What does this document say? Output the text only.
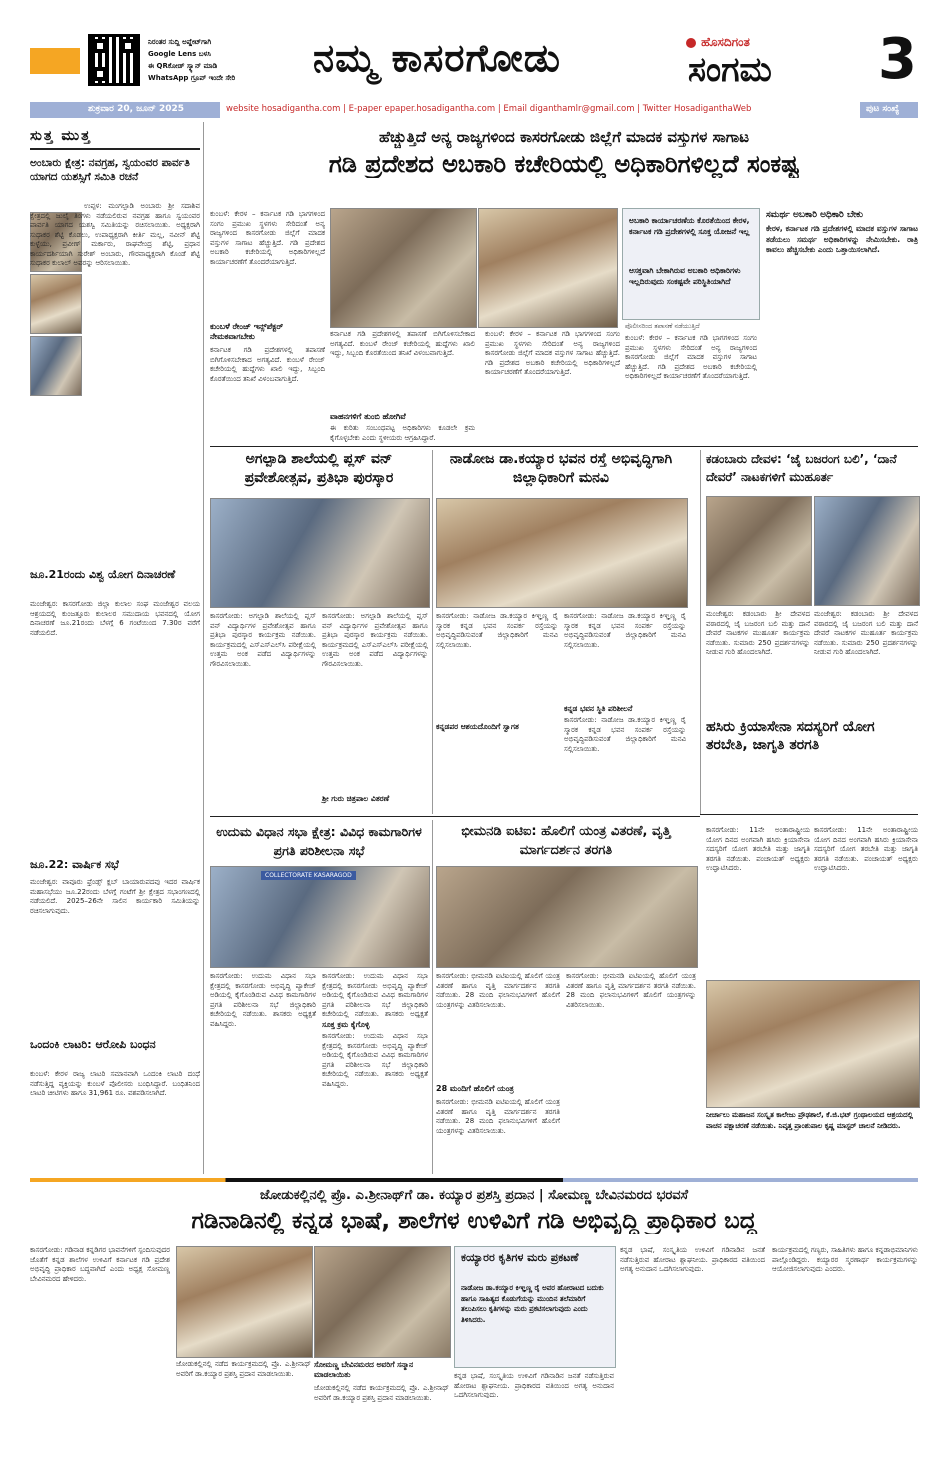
ನಿರಂತರ ಸುದ್ದಿ ಅಪ್ಡೇಟ್‌ಗಾಗಿ
Google Lens ಬಳಸಿ
ಈ QRಕೋಡ್ ಸ್ಕ್ಯಾನ್ ಮಾಡಿ
WhatsApp ಗ್ರೂಪ್ ಇಂದೇ ಸೇರಿ	ನಮ್ಮ ಕಾಸರಗೋಡು	ಹೊಸದಿಗಂತ
ಸಂಗಮ 3
ಶುಕ್ರವಾರ 20, ಜೂನ್ 2025	website hosadigantha.com | E-paper epaper.hosadigantha.com | Email diganthamlr@gmail.com | Twitter HosadiganthaWeb	ಪುಟ ಸಂಖ್ಯೆ
ಸುತ್ತ ಮುತ್ತ
ಅಂಬಾರು ಕ್ಷೇತ್ರ: ನವಗ್ರಹ, ಸ್ವಯಂವರ ಪಾರ್ವತಿ ಯಾಗದ ಯಶಸ್ಸಿಗೆ ಸಮಿತಿ ರಚನೆ
ಉಪ್ಪಳ: ಮಂಗಲ್ಪಾಡಿ ಅಂಬಾರು ಶ್ರೀ ಸದಾಶಿವ ಕ್ಷೇತ್ರದಲ್ಲಿ ಜುಲೈ ತಿಂಗಳು ನಡೆಯಲಿರುವ ನವಗ್ರಹ ಹಾಗೂ ಸ್ವಯಂವರ ಪಾರ್ವತಿ ಯಾಗದ ಯಶಸ್ವಿ ಸಮಿತಿಯನ್ನು ರಚಿಸಲಾಯಿತು. ಅಧ್ಯಕ್ಷರಾಗಿ ಸುಧಾಕರ ಶೆಟ್ಟಿ ಕೊಡಲು, ಉಪಾಧ್ಯಕ್ಷರಾಗಿ ಕೀರ್ತಿ ಮಲ್ಲ, ನವೀನ್ ಶೆಟ್ಟಿ ಕುಳ್ಳೆಯು, ಪ್ರವೀಣ್ ಮರ್ಕಾರು, ರಾಘವೇಂದ್ರ ಶೆಟ್ಟಿ, ಪ್ರಧಾನ ಕಾರ್ಯದರ್ಶಿಯಾಗಿ ಸುರೇಶ್ ಅಂಬಾರು, ಗೌರವಾಧ್ಯಕ್ಷರಾಗಿ ಕೊಂಡೆ ಶೆಟ್ಟಿ ಸುಧಾಕರ ಕುಲಾಲ್ ಅವರನ್ನು ಆರಿಸಲಾಯಿತು.
ಜೂ.21ರಂದು ವಿಶ್ವ ಯೋಗ ದಿನಾಚರಣೆ
ಮಂಜೇಶ್ವರ: ಕಾಸರಗೋಡು ಜಿಲ್ಲಾ ಕುಲಾಲ ಸಂಘ ಮಂಜೇಶ್ವರ ವಲಯ ಆಶ್ರಯದಲ್ಲಿ ಕುಂಜತ್ತೂರು ಕುಲಾಲರ ಸಮುದಾಯ ಭವನದಲ್ಲಿ ಯೋಗ ದಿನಾಚರಣೆ ಜೂ.21ರಂದು ಬೆಳಗ್ಗೆ 6 ಗಂಟೆಯಿಂದ 7.30ರ ವರೆಗೆ ನಡೆಯಲಿದೆ.
ಜೂ.22: ವಾರ್ಷಿಕ ಸಭೆ
ಮಂಜೇಶ್ವರ: ವಾವೂರು ಫ್ರೆಂಡ್ಸ್ ಕ್ಲಬ್ ಬಾಯಾರುಪದವು ಇದರ ವಾರ್ಷಿಕ ಮಹಾಸಭೆಯು ಜೂ.22ರಂದು ಬೆಳಗ್ಗೆ ಗಂಟೆಗೆ ಶ್ರೀ ಕ್ಷೇತ್ರದ ಸಭಾಂಗಣದಲ್ಲಿ ನಡೆಯಲಿದೆ. 2025–26ನೇ ಸಾಲಿನ ಕಾರ್ಯಕಾರಿ ಸಮಿತಿಯನ್ನು ರಚಿಸಲಾಗುವುದು.
ಒಂದಂಕಿ ಲಾಟರಿ: ಆರೋಪಿ ಬಂಧನ
ಕುಂಬಳೆ: ಕೇರಳ ರಾಜ್ಯ ಲಾಟರಿ ಸಮಾನವಾಗಿ ಒಂದಂಕಿ ಲಾಟರಿ ದಂಧೆ ನಡೆಸುತ್ತಿದ್ದ ವ್ಯಕ್ತಿಯನ್ನು ಕುಂಬಳೆ ಪೊಲೀಸರು ಬಂಧಿಸಿದ್ದಾರೆ. ಬಂಧಿತನಿಂದ ಲಾಟರಿ ಚೀಟಿಗಳು ಹಾಗೂ 31,961 ರೂ. ವಶಪಡಿಸಲಾಗಿದೆ.
ಹೆಚ್ಚುತ್ತಿದೆ ಅನ್ಯ ರಾಜ್ಯಗಳಿಂದ ಕಾಸರಗೋಡು ಜಿಲ್ಲೆಗೆ ಮಾದಕ ವಸ್ತುಗಳ ಸಾಗಾಟ
ಗಡಿ ಪ್ರದೇಶದ ಅಬಕಾರಿ ಕಚೇರಿಯಲ್ಲಿ ಅಧಿಕಾರಿಗಳಿಲ್ಲದೆ ಸಂಕಷ್ಟ
ಕುಂಬಳೆ: ಕೇರಳ – ಕರ್ನಾಟಕ ಗಡಿ ಭಾಗಗಳಿಂದ ಸಂಗಂ ಪ್ರಮುಖ ಸ್ಥಳಗಳು ಸೇರಿದಂತೆ ಅನ್ಯ ರಾಜ್ಯಗಳಿಂದ ಕಾಸರಗೋಡು ಜಿಲ್ಲೆಗೆ ಮಾದಕ ವಸ್ತುಗಳ ಸಾಗಾಟ ಹೆಚ್ಚುತ್ತಿದೆ. ಗಡಿ ಪ್ರದೇಶದ ಅಬಕಾರಿ ಕಚೇರಿಯಲ್ಲಿ ಅಧಿಕಾರಿಗಳಿಲ್ಲದೆ ಕಾರ್ಯಾಚರಣೆಗೆ ತೊಂದರೆಯಾಗುತ್ತಿದೆ.
ಕುಂಬಳೆ ರೇಂಜ್ ಇನ್ಸ್‌ಪೆಕ್ಟರ್ ನೇಮಕವಾಗಬೇಕು
ಕರ್ನಾಟಕ ಗಡಿ ಪ್ರದೇಶಗಳಲ್ಲಿ ತಪಾಸಣೆ ಬಿಗಿಗೊಳಿಸಬೇಕಾದ ಅಗತ್ಯವಿದೆ. ಕುಂಬಳೆ ರೇಂಜ್ ಕಚೇರಿಯಲ್ಲಿ ಹುದ್ದೆಗಳು ಖಾಲಿ ಇದ್ದು, ಸಿಬ್ಬಂದಿ ಕೊರತೆಯಿಂದ ತನಿಖೆ ವಿಳಂಬವಾಗುತ್ತಿದೆ.
ಕರ್ನಾಟಕ ಗಡಿ ಪ್ರದೇಶಗಳಲ್ಲಿ ತಪಾಸಣೆ ಬಿಗಿಗೊಳಿಸಬೇಕಾದ ಅಗತ್ಯವಿದೆ. ಕುಂಬಳೆ ರೇಂಜ್ ಕಚೇರಿಯಲ್ಲಿ ಹುದ್ದೆಗಳು ಖಾಲಿ ಇದ್ದು, ಸಿಬ್ಬಂದಿ ಕೊರತೆಯಿಂದ ತನಿಖೆ ವಿಳಂಬವಾಗುತ್ತಿದೆ.
ವಾಹನಗಳಿಗೆ ತುಂಬಿ ಹೋಗಿವೆ
ಈ ಕುರಿತು ಸಂಬಂಧಪಟ್ಟ ಅಧಿಕಾರಿಗಳು ಕೂಡಲೇ ಕ್ರಮ ಕೈಗೊಳ್ಳಬೇಕು ಎಂದು ಸ್ಥಳೀಯರು ಆಗ್ರಹಿಸಿದ್ದಾರೆ.
ಕುಂಬಳೆ: ಕೇರಳ – ಕರ್ನಾಟಕ ಗಡಿ ಭಾಗಗಳಿಂದ ಸಂಗಂ ಪ್ರಮುಖ ಸ್ಥಳಗಳು ಸೇರಿದಂತೆ ಅನ್ಯ ರಾಜ್ಯಗಳಿಂದ ಕಾಸರಗೋಡು ಜಿಲ್ಲೆಗೆ ಮಾದಕ ವಸ್ತುಗಳ ಸಾಗಾಟ ಹೆಚ್ಚುತ್ತಿದೆ. ಗಡಿ ಪ್ರದೇಶದ ಅಬಕಾರಿ ಕಚೇರಿಯಲ್ಲಿ ಅಧಿಕಾರಿಗಳಿಲ್ಲದೆ ಕಾರ್ಯಾಚರಣೆಗೆ ತೊಂದರೆಯಾಗುತ್ತಿದೆ.
ಅಬಕಾರಿ ಕಾರ್ಯಾಚರಣೆಯ ಕೊರತೆಯಿಂದ ಕೇರಳ, ಕರ್ನಾಟಕ ಗಡಿ ಪ್ರದೇಶಗಳಲ್ಲಿ ಸೂಕ್ತ ಯೋಜನೆ ಇಲ್ಲ
ಆಸಕ್ತವಾಗಿ ಬೇಕಾಗಿರುವ ಅಬಕಾರಿ ಅಧಿಕಾರಿಗಳು ಇಲ್ಲದಿರುವುದು ಸಂಕಷ್ಟವೇ ಪರಿಸ್ಥಿತಿಯಾಗಿದೆ
ಪೊಲೀಸರಿಂದ ತಪಾಸಣೆ ನಡೆಯುತ್ತಿದೆ
ಕುಂಬಳೆ: ಕೇರಳ – ಕರ್ನಾಟಕ ಗಡಿ ಭಾಗಗಳಿಂದ ಸಂಗಂ ಪ್ರಮುಖ ಸ್ಥಳಗಳು ಸೇರಿದಂತೆ ಅನ್ಯ ರಾಜ್ಯಗಳಿಂದ ಕಾಸರಗೋಡು ಜಿಲ್ಲೆಗೆ ಮಾದಕ ವಸ್ತುಗಳ ಸಾಗಾಟ ಹೆಚ್ಚುತ್ತಿದೆ. ಗಡಿ ಪ್ರದೇಶದ ಅಬಕಾರಿ ಕಚೇರಿಯಲ್ಲಿ ಅಧಿಕಾರಿಗಳಿಲ್ಲದೆ ಕಾರ್ಯಾಚರಣೆಗೆ ತೊಂದರೆಯಾಗುತ್ತಿದೆ.
ಸಮರ್ಥ ಅಬಕಾರಿ ಅಧಿಕಾರಿ ಬೇಕು
ಕೇರಳ, ಕರ್ನಾಟಕ ಗಡಿ ಪ್ರದೇಶಗಳಲ್ಲಿ ಮಾದಕ ವಸ್ತುಗಳ ಸಾಗಾಟ ತಡೆಯಲು ಸಮರ್ಥ ಅಧಿಕಾರಿಗಳನ್ನು ನೇಮಿಸಬೇಕು. ರಾತ್ರಿ ಕಾವಲು ಹೆಚ್ಚಿಸಬೇಕು ಎಂದು ಒತ್ತಾಯಿಸಲಾಗಿದೆ.
ಅಗಲ್ಪಾಡಿ ಶಾಲೆಯಲ್ಲಿ ಪ್ಲಸ್ ವನ್ ಪ್ರವೇಶೋತ್ಸವ, ಪ್ರತಿಭಾ ಪುರಸ್ಕಾರ
ಕಾಸರಗೋಡು: ಅಗಲ್ಪಾಡಿ ಶಾಲೆಯಲ್ಲಿ ಪ್ಲಸ್ ವನ್ ವಿದ್ಯಾರ್ಥಿಗಳ ಪ್ರವೇಶೋತ್ಸವ ಹಾಗೂ ಪ್ರತಿಭಾ ಪುರಸ್ಕಾರ ಕಾರ್ಯಕ್ರಮ ನಡೆಯಿತು. ಕಾರ್ಯಕ್ರಮದಲ್ಲಿ ಎಸ್ಎಸ್ಎಲ್‌ಸಿ ಪರೀಕ್ಷೆಯಲ್ಲಿ ಉತ್ತಮ ಅಂಕ ಪಡೆದ ವಿದ್ಯಾರ್ಥಿಗಳನ್ನು ಗೌರವಿಸಲಾಯಿತು.
ಕಾಸರಗೋಡು: ಅಗಲ್ಪಾಡಿ ಶಾಲೆಯಲ್ಲಿ ಪ್ಲಸ್ ವನ್ ವಿದ್ಯಾರ್ಥಿಗಳ ಪ್ರವೇಶೋತ್ಸವ ಹಾಗೂ ಪ್ರತಿಭಾ ಪುರಸ್ಕಾರ ಕಾರ್ಯಕ್ರಮ ನಡೆಯಿತು. ಕಾರ್ಯಕ್ರಮದಲ್ಲಿ ಎಸ್ಎಸ್ಎಲ್‌ಸಿ ಪರೀಕ್ಷೆಯಲ್ಲಿ ಉತ್ತಮ ಅಂಕ ಪಡೆದ ವಿದ್ಯಾರ್ಥಿಗಳನ್ನು ಗೌರವಿಸಲಾಯಿತು.
ಶ್ರೀ ಗುರು ಚಿತ್ರಪಾಲ ವಿತರಣೆ
ನಾಡೋಜ ಡಾ.ಕಯ್ಯಾರ ಭವನ ರಸ್ತೆ ಅಭಿವೃದ್ಧಿಗಾಗಿ ಜಿಲ್ಲಾಧಿಕಾರಿಗೆ ಮನವಿ
ಕಾಸರಗೋಡು: ನಾಡೋಜ ಡಾ.ಕಯ್ಯಾರ ಕಿಞ್ಞಣ್ಣ ರೈ ಸ್ಮಾರಕ ಕನ್ನಡ ಭವನ ಸಂಪರ್ಕ ರಸ್ತೆಯನ್ನು ಅಭಿವೃದ್ಧಿಪಡಿಸುವಂತೆ ಜಿಲ್ಲಾಧಿಕಾರಿಗೆ ಮನವಿ ಸಲ್ಲಿಸಲಾಯಿತು.
ಕಾಸರಗೋಡು: ನಾಡೋಜ ಡಾ.ಕಯ್ಯಾರ ಕಿಞ್ಞಣ್ಣ ರೈ ಸ್ಮಾರಕ ಕನ್ನಡ ಭವನ ಸಂಪರ್ಕ ರಸ್ತೆಯನ್ನು ಅಭಿವೃದ್ಧಿಪಡಿಸುವಂತೆ ಜಿಲ್ಲಾಧಿಕಾರಿಗೆ ಮನವಿ ಸಲ್ಲಿಸಲಾಯಿತು.
ಕನ್ನಡ ಭವನ ಸ್ಥಿತಿ ಪರಿಶೀಲನೆ
ಕಾಸರಗೋಡು: ನಾಡೋಜ ಡಾ.ಕಯ್ಯಾರ ಕಿಞ್ಞಣ್ಣ ರೈ ಸ್ಮಾರಕ ಕನ್ನಡ ಭವನ ಸಂಪರ್ಕ ರಸ್ತೆಯನ್ನು ಅಭಿವೃದ್ಧಿಪಡಿಸುವಂತೆ ಜಿಲ್ಲಾಧಿಕಾರಿಗೆ ಮನವಿ ಸಲ್ಲಿಸಲಾಯಿತು.
ಕನ್ನಡಪರ ಆಶಯದೊಂದಿಗೆ ಸ್ವಾಗತ
ಕಡಂಬಾರು ದೇವಳ: ‘ಜೈ ಬಜರಂಗ ಬಲಿ’, ‘ದಾನೆ ದೇವರೆ’ ನಾಟಕಗಳಿಗೆ ಮುಹೂರ್ತ
ಮಂಜೇಶ್ವರ: ಕಡಂಬಾರು ಶ್ರೀ ದೇವಳದ ವಠಾರದಲ್ಲಿ ಜೈ ಬಜರಂಗ ಬಲಿ ಮತ್ತು ದಾನೆ ದೇವರೆ ನಾಟಕಗಳ ಮುಹೂರ್ತ ಕಾರ್ಯಕ್ರಮ ನಡೆಯಿತು. ಸುಮಾರು 250 ಪ್ರದರ್ಶನಗಳನ್ನು ನೀಡುವ ಗುರಿ ಹೊಂದಲಾಗಿದೆ.
ಮಂಜೇಶ್ವರ: ಕಡಂಬಾರು ಶ್ರೀ ದೇವಳದ ವಠಾರದಲ್ಲಿ ಜೈ ಬಜರಂಗ ಬಲಿ ಮತ್ತು ದಾನೆ ದೇವರೆ ನಾಟಕಗಳ ಮುಹೂರ್ತ ಕಾರ್ಯಕ್ರಮ ನಡೆಯಿತು. ಸುಮಾರು 250 ಪ್ರದರ್ಶನಗಳನ್ನು ನೀಡುವ ಗುರಿ ಹೊಂದಲಾಗಿದೆ.
ಹಸಿರು ಕ್ರಿಯಾಸೇನಾ ಸದಸ್ಯರಿಗೆ ಯೋಗ ತರಬೇತಿ, ಜಾಗೃತಿ ತರಗತಿ
ಕಾಸರಗೋಡು: 11ನೇ ಅಂತಾರಾಷ್ಟ್ರೀಯ ಯೋಗ ದಿನದ ಅಂಗವಾಗಿ ಹಸಿರು ಕ್ರಿಯಾಸೇನಾ ಸದಸ್ಯರಿಗೆ ಯೋಗ ತರಬೇತಿ ಮತ್ತು ಜಾಗೃತಿ ತರಗತಿ ನಡೆಯಿತು. ಪಂಚಾಯತ್ ಅಧ್ಯಕ್ಷರು ಉದ್ಘಾಟಿಸಿದರು.
ಕಾಸರಗೋಡು: 11ನೇ ಅಂತಾರಾಷ್ಟ್ರೀಯ ಯೋಗ ದಿನದ ಅಂಗವಾಗಿ ಹಸಿರು ಕ್ರಿಯಾಸೇನಾ ಸದಸ್ಯರಿಗೆ ಯೋಗ ತರಬೇತಿ ಮತ್ತು ಜಾಗೃತಿ ತರಗತಿ ನಡೆಯಿತು. ಪಂಚಾಯತ್ ಅಧ್ಯಕ್ಷರು ಉದ್ಘಾಟಿಸಿದರು.
ನೀರ್ಚಾಲು ಮಹಾಜನ ಸಂಸ್ಕೃತ ಕಾಲೇಜು ಪ್ರೌಢಶಾಲೆ, ಕೆ.ಜಿ.ಭಟ್ ಗ್ರಂಥಾಲಯದ ಆಶ್ರಯದಲ್ಲಿ ವಾಚನ ಪಕ್ಷಾಚರಣೆ ನಡೆಯಿತು. ನಿವೃತ್ತ ಪ್ರಾಂಶುಪಾಲ ಕೃಷ್ಣ ಮಾಸ್ಟರ್ ಚಾಲನೆ ನೀಡಿದರು.
ಉದುಮ ವಿಧಾನ ಸಭಾ ಕ್ಷೇತ್ರ: ವಿವಿಧ ಕಾಮಗಾರಿಗಳ ಪ್ರಗತಿ ಪರಿಶೀಲನಾ ಸಭೆ
COLLECTORATE KASARAGOD
ಕಾಸರಗೋಡು: ಉದುಮ ವಿಧಾನ ಸಭಾ ಕ್ಷೇತ್ರದಲ್ಲಿ ಕಾಸರಗೋಡು ಅಭಿವೃದ್ಧಿ ಪ್ಯಾಕೇಜ್ ಅಡಿಯಲ್ಲಿ ಕೈಗೊಂಡಿರುವ ವಿವಿಧ ಕಾಮಗಾರಿಗಳ ಪ್ರಗತಿ ಪರಿಶೀಲನಾ ಸಭೆ ಜಿಲ್ಲಾಧಿಕಾರಿ ಕಚೇರಿಯಲ್ಲಿ ನಡೆಯಿತು. ಶಾಸಕರು ಅಧ್ಯಕ್ಷತೆ ವಹಿಸಿದ್ದರು.	ಸೂಕ್ತ ಕ್ರಮ ಕೈಗೊಳ್ಳಿ
ಕಾಸರಗೋಡು: ಉದುಮ ವಿಧಾನ ಸಭಾ ಕ್ಷೇತ್ರದಲ್ಲಿ ಕಾಸರಗೋಡು ಅಭಿವೃದ್ಧಿ ಪ್ಯಾಕೇಜ್ ಅಡಿಯಲ್ಲಿ ಕೈಗೊಂಡಿರುವ ವಿವಿಧ ಕಾಮಗಾರಿಗಳ ಪ್ರಗತಿ ಪರಿಶೀಲನಾ ಸಭೆ ಜಿಲ್ಲಾಧಿಕಾರಿ ಕಚೇರಿಯಲ್ಲಿ ನಡೆಯಿತು. ಶಾಸಕರು ಅಧ್ಯಕ್ಷತೆ
ಕಾಸರಗೋಡು: ಉದುಮ ವಿಧಾನ ಸಭಾ ಕ್ಷೇತ್ರದಲ್ಲಿ ಕಾಸರಗೋಡು ಅಭಿವೃದ್ಧಿ ಪ್ಯಾಕೇಜ್ ಅಡಿಯಲ್ಲಿ ಕೈಗೊಂಡಿರುವ ವಿವಿಧ ಕಾಮಗಾರಿಗಳ ಪ್ರಗತಿ ಪರಿಶೀಲನಾ ಸಭೆ ಜಿಲ್ಲಾಧಿಕಾರಿ ಕಚೇರಿಯಲ್ಲಿ ನಡೆಯಿತು. ಶಾಸಕರು ಅಧ್ಯಕ್ಷತೆ ವಹಿಸಿದ್ದರು.
ಭೀಮನಡಿ ಐಟಿಐ: ಹೊಲಿಗೆ ಯಂತ್ರ ವಿತರಣೆ, ವೃತ್ತಿ ಮಾರ್ಗದರ್ಶನ ತರಗತಿ
ಕಾಸರಗೋಡು: ಭೀಮನಡಿ ಐಟಿಐಯಲ್ಲಿ ಹೊಲಿಗೆ ಯಂತ್ರ ವಿತರಣೆ ಹಾಗೂ ವೃತ್ತಿ ಮಾರ್ಗದರ್ಶನ ತರಗತಿ ನಡೆಯಿತು. 28 ಮಂದಿ ಫಲಾನುಭವಿಗಳಿಗೆ ಹೊಲಿಗೆ ಯಂತ್ರಗಳನ್ನು ವಿತರಿಸಲಾಯಿತು.
28 ಮಂದಿಗೆ ಹೊಲಿಗೆ ಯಂತ್ರ
ಕಾಸರಗೋಡು: ಭೀಮನಡಿ ಐಟಿಐಯಲ್ಲಿ ಹೊಲಿಗೆ ಯಂತ್ರ ವಿತರಣೆ ಹಾಗೂ ವೃತ್ತಿ ಮಾರ್ಗದರ್ಶನ ತರಗತಿ ನಡೆಯಿತು. 28 ಮಂದಿ ಫಲಾನುಭವಿಗಳಿಗೆ ಹೊಲಿಗೆ ಯಂತ್ರಗಳನ್ನು ವಿತರಿಸಲಾಯಿತು.
ಕಾಸರಗೋಡು: ಭೀಮನಡಿ ಐಟಿಐಯಲ್ಲಿ ಹೊಲಿಗೆ ಯಂತ್ರ ವಿತರಣೆ ಹಾಗೂ ವೃತ್ತಿ ಮಾರ್ಗದರ್ಶನ ತರಗತಿ ನಡೆಯಿತು. 28 ಮಂದಿ ಫಲಾನುಭವಿಗಳಿಗೆ ಹೊಲಿಗೆ ಯಂತ್ರಗಳನ್ನು ವಿತರಿಸಲಾಯಿತು.
ಜೋಡುಕಲ್ಲಿನಲ್ಲಿ ಪ್ರೊ. ಎ.ಶ್ರೀನಾಥ್‌ಗೆ ಡಾ. ಕಯ್ಯಾರ ಪ್ರಶಸ್ತಿ ಪ್ರದಾನ | ಸೋಮಣ್ಣ ಬೇವಿನಮರದ ಭರವಸೆ
ಗಡಿನಾಡಿನಲ್ಲಿ ಕನ್ನಡ ಭಾಷೆ, ಶಾಲೆಗಳ ಉಳಿವಿಗೆ ಗಡಿ ಅಭಿವೃದ್ಧಿ ಪ್ರಾಧಿಕಾರ ಬದ್ಧ
ಕಾಸರಗೋಡು: ಗಡಿನಾಡ ಕನ್ನಡಿಗರ ಭಾವನೆಗಳಿಗೆ ಸ್ಪಂದಿಸುವುದರ ಜೊತೆಗೆ ಕನ್ನಡ ಶಾಲೆಗಳ ಉಳಿವಿಗೆ ಕರ್ನಾಟಕ ಗಡಿ ಪ್ರದೇಶ ಅಭಿವೃದ್ಧಿ ಪ್ರಾಧಿಕಾರ ಬದ್ಧವಾಗಿದೆ ಎಂದು ಅಧ್ಯಕ್ಷ ಸೋಮಣ್ಣ ಬೇವಿನಮರದ ಹೇಳಿದರು.
ಜೋಡುಕಲ್ಲಿನಲ್ಲಿ ನಡೆದ ಕಾರ್ಯಕ್ರಮದಲ್ಲಿ ಪ್ರೊ. ಎ.ಶ್ರೀನಾಥ್ ಅವರಿಗೆ ಡಾ.ಕಯ್ಯಾರ ಪ್ರಶಸ್ತಿ ಪ್ರದಾನ ಮಾಡಲಾಯಿತು.
ಸೋಮಣ್ಣ ಬೇವಿನಮರದ ಅವರಿಗೆ ಸನ್ಮಾನ ಮಾಡಲಾಯಿತು
ಜೋಡುಕಲ್ಲಿನಲ್ಲಿ ನಡೆದ ಕಾರ್ಯಕ್ರಮದಲ್ಲಿ ಪ್ರೊ. ಎ.ಶ್ರೀನಾಥ್ ಅವರಿಗೆ ಡಾ.ಕಯ್ಯಾರ ಪ್ರಶಸ್ತಿ ಪ್ರದಾನ ಮಾಡಲಾಯಿತು.
ಕಯ್ಯಾರರ ಕೃತಿಗಳ ಮರು ಪ್ರಕಟಣೆ
ನಾಡೋಜ ಡಾ.ಕಯ್ಯಾರ ಕಿಞ್ಞಣ್ಣ ರೈ ಅವರ ಹೋರಾಟದ ಬದುಕು ಹಾಗೂ ಸಾಹಿತ್ಯದ ಕೊಡುಗೆಯನ್ನು ಮುಂದಿನ ತಲೆಮಾರಿಗೆ ತಲುಪಿಸಲು ಕೃತಿಗಳನ್ನು ಮರು ಪ್ರಕಟಿಸಲಾಗುವುದು ಎಂದು ತಿಳಿಸಿದರು.
ಕನ್ನಡ ಭಾಷೆ, ಸಂಸ್ಕೃತಿಯ ಉಳಿವಿಗೆ ಗಡಿನಾಡಿನ ಜನತೆ ನಡೆಸುತ್ತಿರುವ ಹೋರಾಟ ಶ್ಲಾಘನೀಯ. ಪ್ರಾಧಿಕಾರದ ವತಿಯಿಂದ ಅಗತ್ಯ ಅನುದಾನ ಒದಗಿಸಲಾಗುವುದು.
ಕನ್ನಡ ಭಾಷೆ, ಸಂಸ್ಕೃತಿಯ ಉಳಿವಿಗೆ ಗಡಿನಾಡಿನ ಜನತೆ ನಡೆಸುತ್ತಿರುವ ಹೋರಾಟ ಶ್ಲಾಘನೀಯ. ಪ್ರಾಧಿಕಾರದ ವತಿಯಿಂದ ಅಗತ್ಯ ಅನುದಾನ ಒದಗಿಸಲಾಗುವುದು.
ಕಾರ್ಯಕ್ರಮದಲ್ಲಿ ಗಣ್ಯರು, ಸಾಹಿತಿಗಳು ಹಾಗೂ ಕನ್ನಡಾಭಿಮಾನಿಗಳು ಪಾಲ್ಗೊಂಡಿದ್ದರು. ಕಯ್ಯಾರರ ಸ್ಮರಣಾರ್ಥ ಕಾರ್ಯಕ್ರಮಗಳನ್ನು ಆಯೋಜಿಸಲಾಗುವುದು ಎಂದರು.
